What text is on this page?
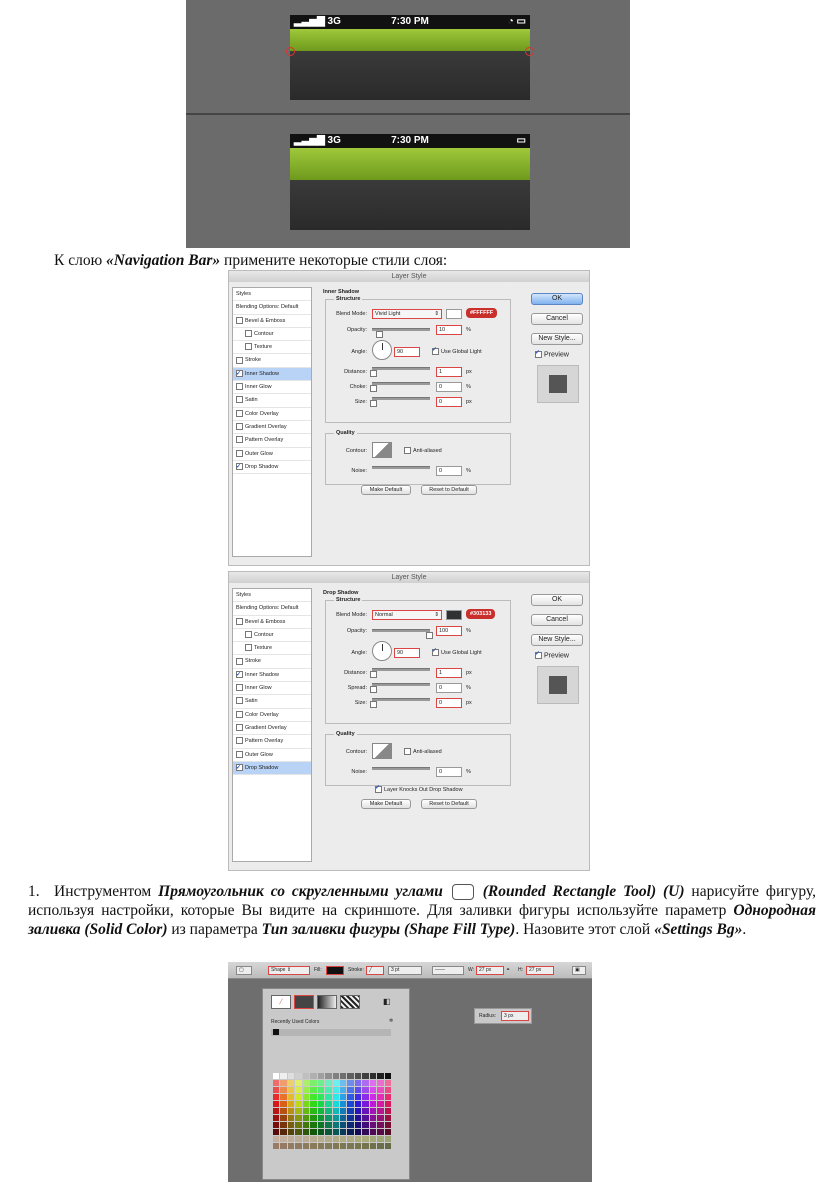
▂▃▅▇ 3G	7:30 PM	◔ ▭
▂▃▅▇ 3G	7:30 PM	▭
К слою «Navigation Bar» примените некоторые стили слоя:
Layer Style
Styles
Blending Options: Default
Bevel & Emboss
Contour
Texture
Stroke
✓Inner Shadow
Inner Glow
Satin
Color Overlay
Gradient Overlay
Pattern Overlay
Outer Glow
✓Drop Shadow
Inner Shadow
Structure
Blend Mode:	Vivid Light	⇕	#FFFFFF
Opacity:	10	%
Angle:	90 ✓	Use Global Light
Distance:	1	px
Choke:	0	%
Size:	0	px
Quality
Contour:	Anti-aliased
Noise:	0	%
Make Default	Reset to Default
OK
Cancel
New Style...
✓Preview
Layer Style
Styles
Blending Options: Default
Bevel & Emboss
Contour
Texture
Stroke
✓Inner Shadow
Inner Glow
Satin
Color Overlay
Gradient Overlay
Pattern Overlay
Outer Glow
✓Drop Shadow
Drop Shadow
Structure
Blend Mode:	Normal	⇕	#303133
Opacity:	100	%
Angle:	90 ✓	Use Global Light
Distance:	1	px
Spread:	0	%
Size:	0	px
Quality
Contour:	Anti-aliased
Noise:	0	%
✓Layer Knocks Out Drop Shadow
Make Default	Reset to Default
OK
Cancel
New Style...
✓Preview
1. Инструментом Прямоугольник со скругленными углами	(Rounded Rectangle Tool) (U) нарисуйте фигуру, используя настройки, которые Вы видите на скриншоте. Для заливки фигуры используйте параметр Однородная заливка (Solid Color) из параметра Тип заливки фигуры (Shape Fill Type). Назовите этот слой «Settings Bg».
▢	Shape ⇕	Fill:	Stroke:	╱	3 pt	——	W: 27 px	⚭ H:	27 px	▣
╱	◧
Recently Used Colors	✲
Radius:	3 px
